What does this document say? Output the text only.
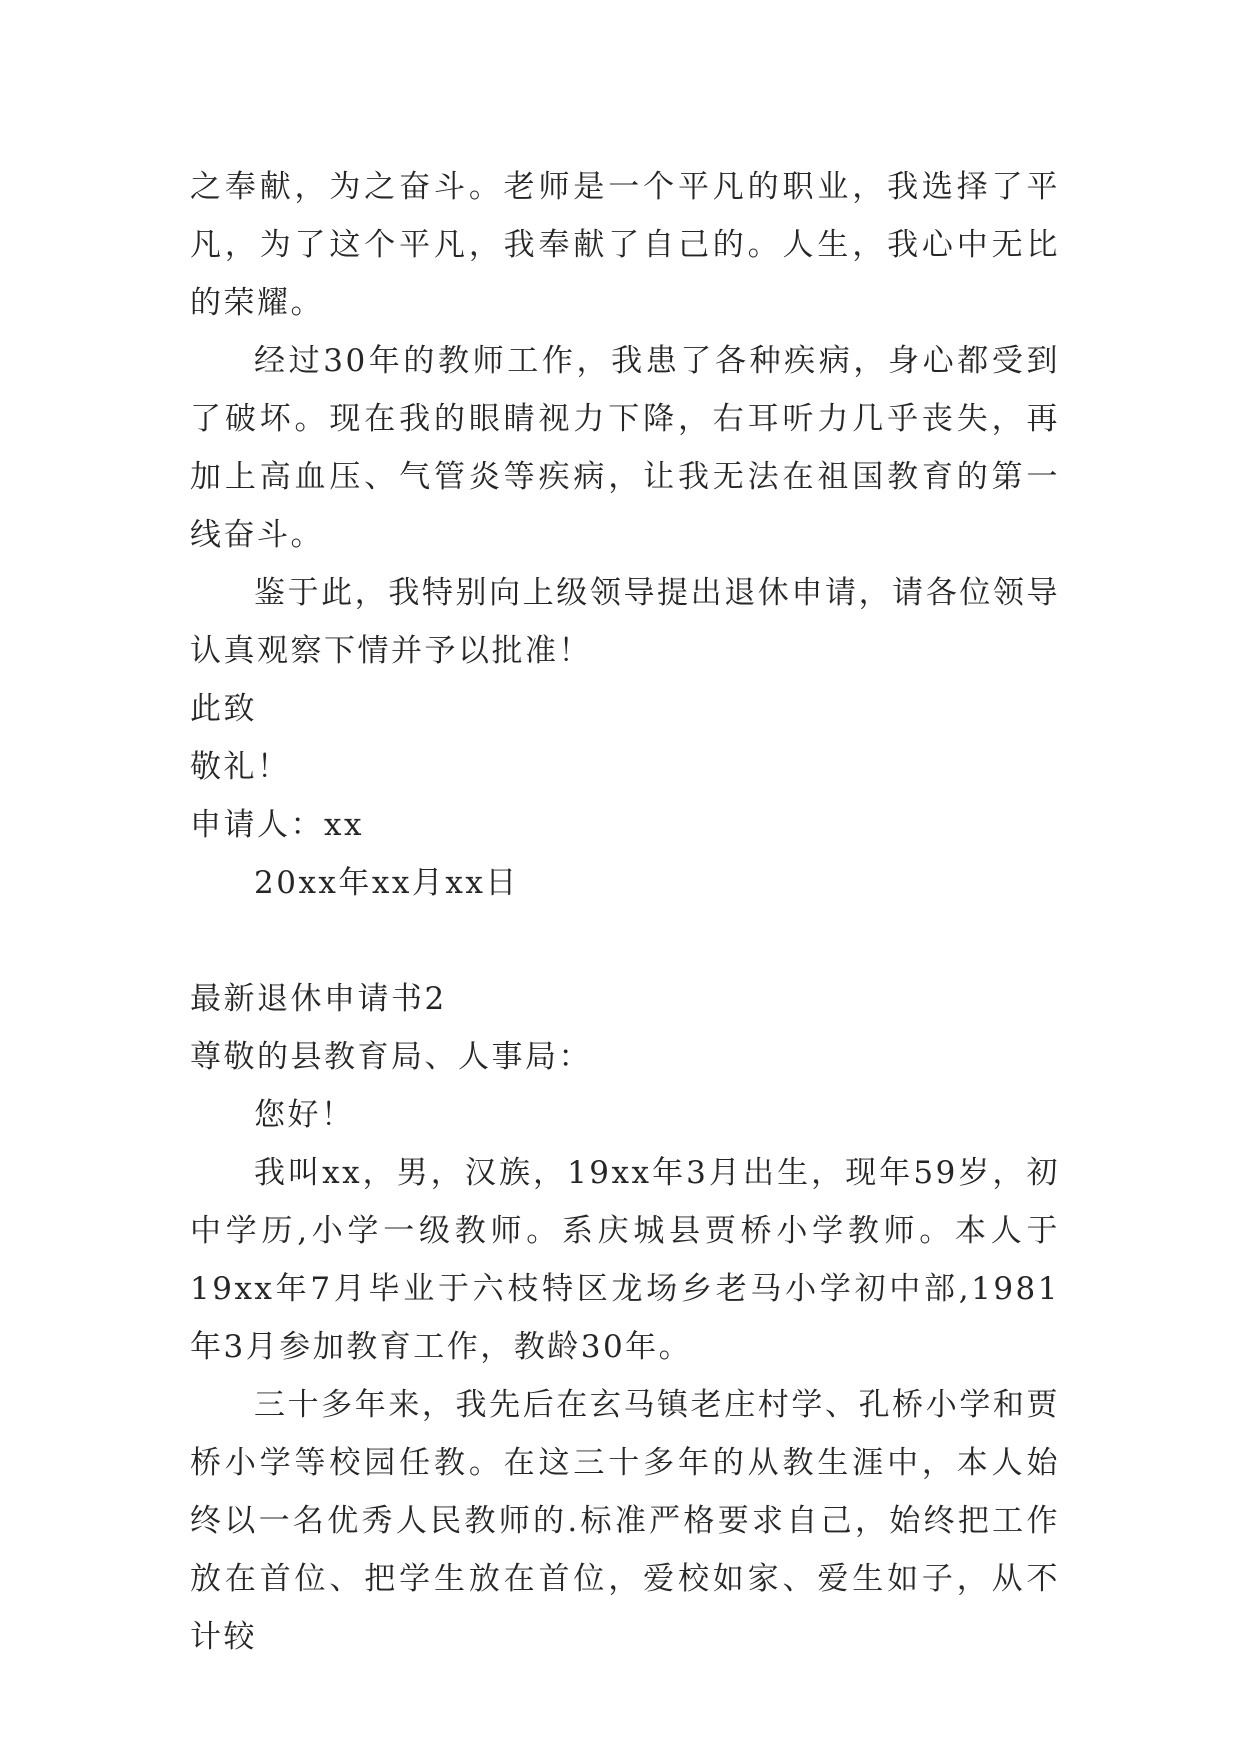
之奉献，为之奋斗。老师是一个平凡的职业，我选择了平凡，为了这个平凡，我奉献了自己的。人生，我心中无比的荣耀。

经过30年的教师工作，我患了各种疾病，身心都受到了破坏。现在我的眼睛视力下降，右耳听力几乎丧失，再加上高血压、气管炎等疾病，让我无法在祖国教育的第一线奋斗。

鉴于此，我特别向上级领导提出退休申请，请各位领导认真观察下情并予以批准！

此致

敬礼！

申请人：xx

20xx年xx月xx日

最新退休申请书2

尊敬的县教育局、人事局：

您好！

我叫xx，男，汉族，19xx年3月出生，现年59岁，初中学历,小学一级教师。系庆城县贾桥小学教师。本人于19xx年7月毕业于六枝特区龙场乡老马小学初中部,1981年3月参加教育工作，教龄30年。

三十多年来，我先后在玄马镇老庄村学、孔桥小学和贾桥小学等校园任教。在这三十多年的从教生涯中，本人始终以一名优秀人民教师的.标准严格要求自己，始终把工作放在首位、把学生放在首位，爱校如家、爱生如子，从不计较
